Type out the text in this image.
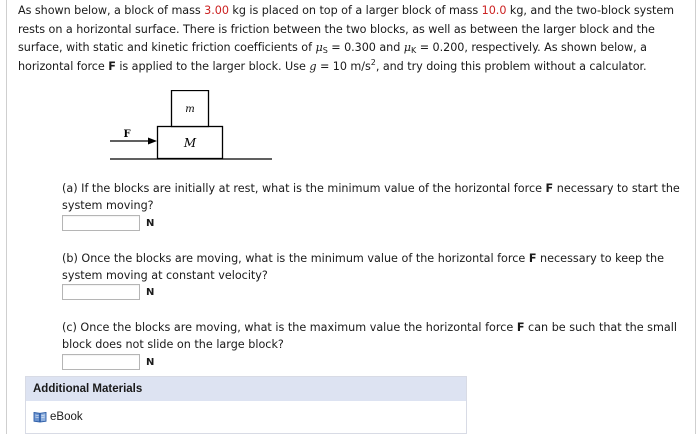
As shown below, a block of mass 3.00 kg is placed on top of a larger block of mass 10.0 kg, and the two-block system rests on a horizontal surface. There is friction between the two blocks, as well as between the larger block and the surface, with static and kinetic friction coefficients of $\mu_S = 0.300$ and $\mu_K = 0.200$, respectively. As shown below, a horizontal force F is applied to the larger block. Use g = 10 $m/s^2$, and try doing this problem without a calculator.
m
M
F
(a) If the blocks are initially at rest, what is the minimum value of the horizontal force F necessary to start the system moving?
N
(b) Once the blocks are moving, what is the minimum value of the horizontal force F necessary to keep the system moving at constant velocity?
N
(c) Once the blocks are moving, what is the maximum value the horizontal force F can be such that the small block does not slide on the large block?
N
Additional Materials
eBook
